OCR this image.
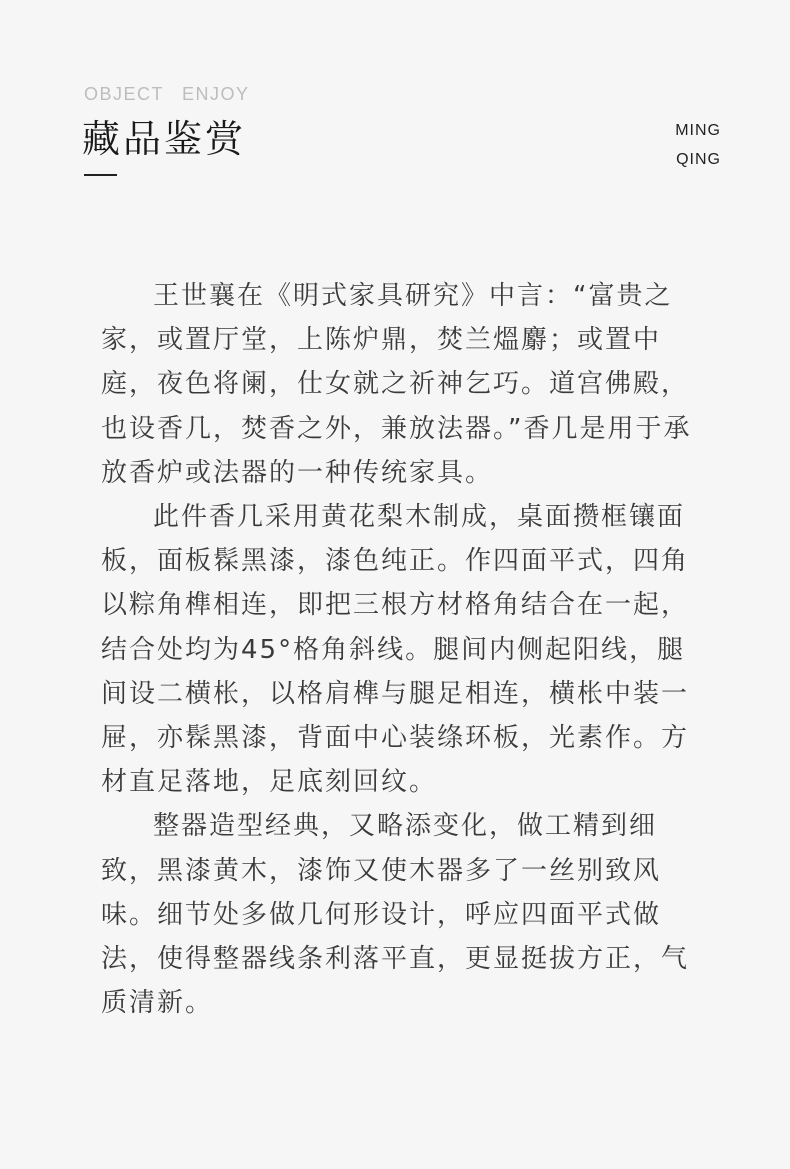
OBJECT ENJOY
藏品鉴赏	MING
QING

王世襄在《明式家具研究》中言：“富贵之家，或置厅堂，上陈炉鼎，焚兰熅麝；或置中庭，夜色将阑，仕女就之祈神乞巧。道宫佛殿，也设香几，焚香之外，兼放法器。”香几是用于承放香炉或法器的一种传统家具。

此件香几采用黄花梨木制成，桌面攒框镶面板，面板髹黑漆，漆色纯正。作四面平式，四角以粽角榫相连，即把三根方材格角结合在一起，结合处均为45°格角斜线。腿间内侧起阳线，腿间设二横枨，以格肩榫与腿足相连，横枨中装一屉，亦髹黑漆，背面中心装绦环板，光素作。方材直足落地，足底刻回纹。

整器造型经典，又略添变化，做工精到细致，黑漆黄木，漆饰又使木器多了一丝别致风味。细节处多做几何形设计，呼应四面平式做法，使得整器线条利落平直，更显挺拔方正，气质清新。
